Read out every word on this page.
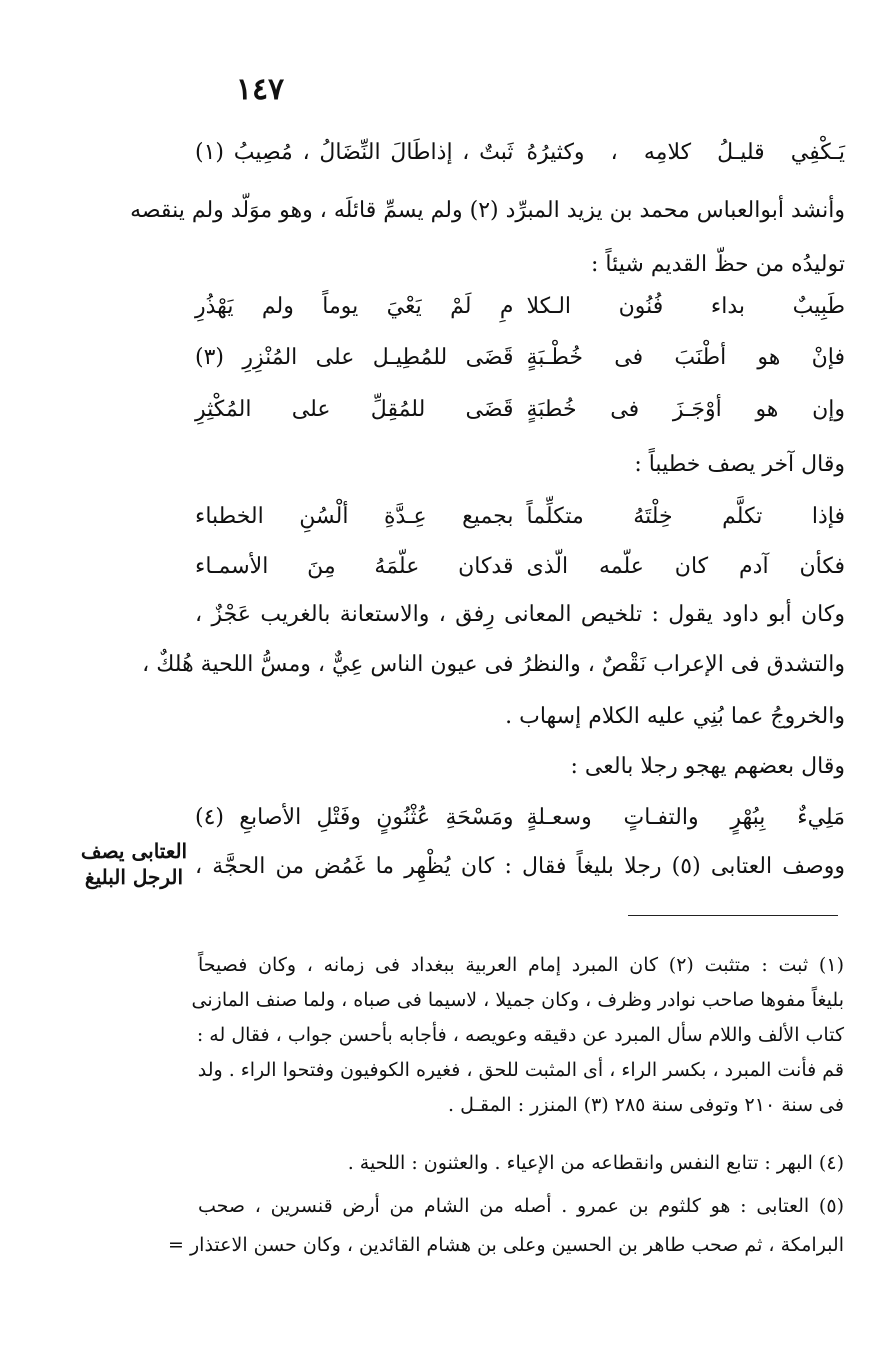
١٤٧
يَـكْفِي قليـلُ كلامِه ، وكثيرُهُ
ثَبتٌ ، إذاطَالَ النِّضَالُ ، مُصِيبُ (١)

وأنشد أبوالعباس محمد بن يزيد المبرِّد (٢) ولم يسمِّ قائلَه ، وهو موَلّد ولم ينقصه

توليدُه من حظّ القديم شيئاً :

طَبِيبٌ بداء فُنُون الـكلا
مِ لَمْ يَعْيَ يوماً ولم يَهْذُرِ
فإنْ هو أطْنَبَ فى خُطْـبَةٍ
قَضَى للمُطِيـل على المُنْزِرِ (٣)
وإن هو أوْجَـزَ فى خُطبَةٍ
قَضَى للمُقِلِّ على المُكْثِرِ

وقال آخر يصف خطيباً :

فإذا تكلَّم خِلْتَهُ متكلِّماً
بجميع عِـدَّةِ ألْسُنِ الخطباء
فكأن آدم كان علّمه الّذى
قدكان علّمَهُ مِنَ الأسمـاء

وكان أبو داود يقول : تلخيص المعانى رِفق ، والاستعانة بالغريب عَجْزٌ ،

والتشدق فى الإعراب نَقْصٌ ، والنظرُ فى عيون الناس عِيٌّ ، ومسُّ اللحية هُلكٌ ،

والخروجُ عما بُنِي عليه الكلام إسهاب .

وقال بعضهم يهجو رجلا بالعى :

مَلِيءٌ بِبُهْرٍ والتفـاتٍ وسعـلةٍ
ومَسْحَةِ عُثْنُونٍ وفَتْلِ الأصابعِ (٤)

ووصف العتابى (٥) رجلا بليغاً فقال : كان يُظْهِر ما غَمُض من الحجَّة ،

العتابى يصف
الرجل البليغ

(١) ثبت : متثبت (٢) كان المبرد إمام العربية ببغداد فى زمانه ، وكان فصيحاً

بليغاً مفوها صاحب نوادر وظرف ، وكان جميلا ، لاسيما فى صباه ، ولما صنف المازنى

كتاب الألف واللام سأل المبرد عن دقيقه وعويصه ، فأجابه بأحسن جواب ، فقال له :

قم فأنت المبرد ، بكسر الراء ، أى المثبت للحق ، فغيره الكوفيون وفتحوا الراء . ولد

فى سنة ٢١٠ وتوفى سنة ٢٨٥ (٣) المنزر : المقـل .

(٤) البهر : تتابع النفس وانقطاعه من الإعياء . والعثنون : اللحية .

(٥) العتابى : هو كلثوم بن عمرو . أصله من الشام من أرض قنسرين ، صحب

البرامكة ، ثم صحب طاهر بن الحسين وعلى بن هشام القائدين ، وكان حسن الاعتذار =
